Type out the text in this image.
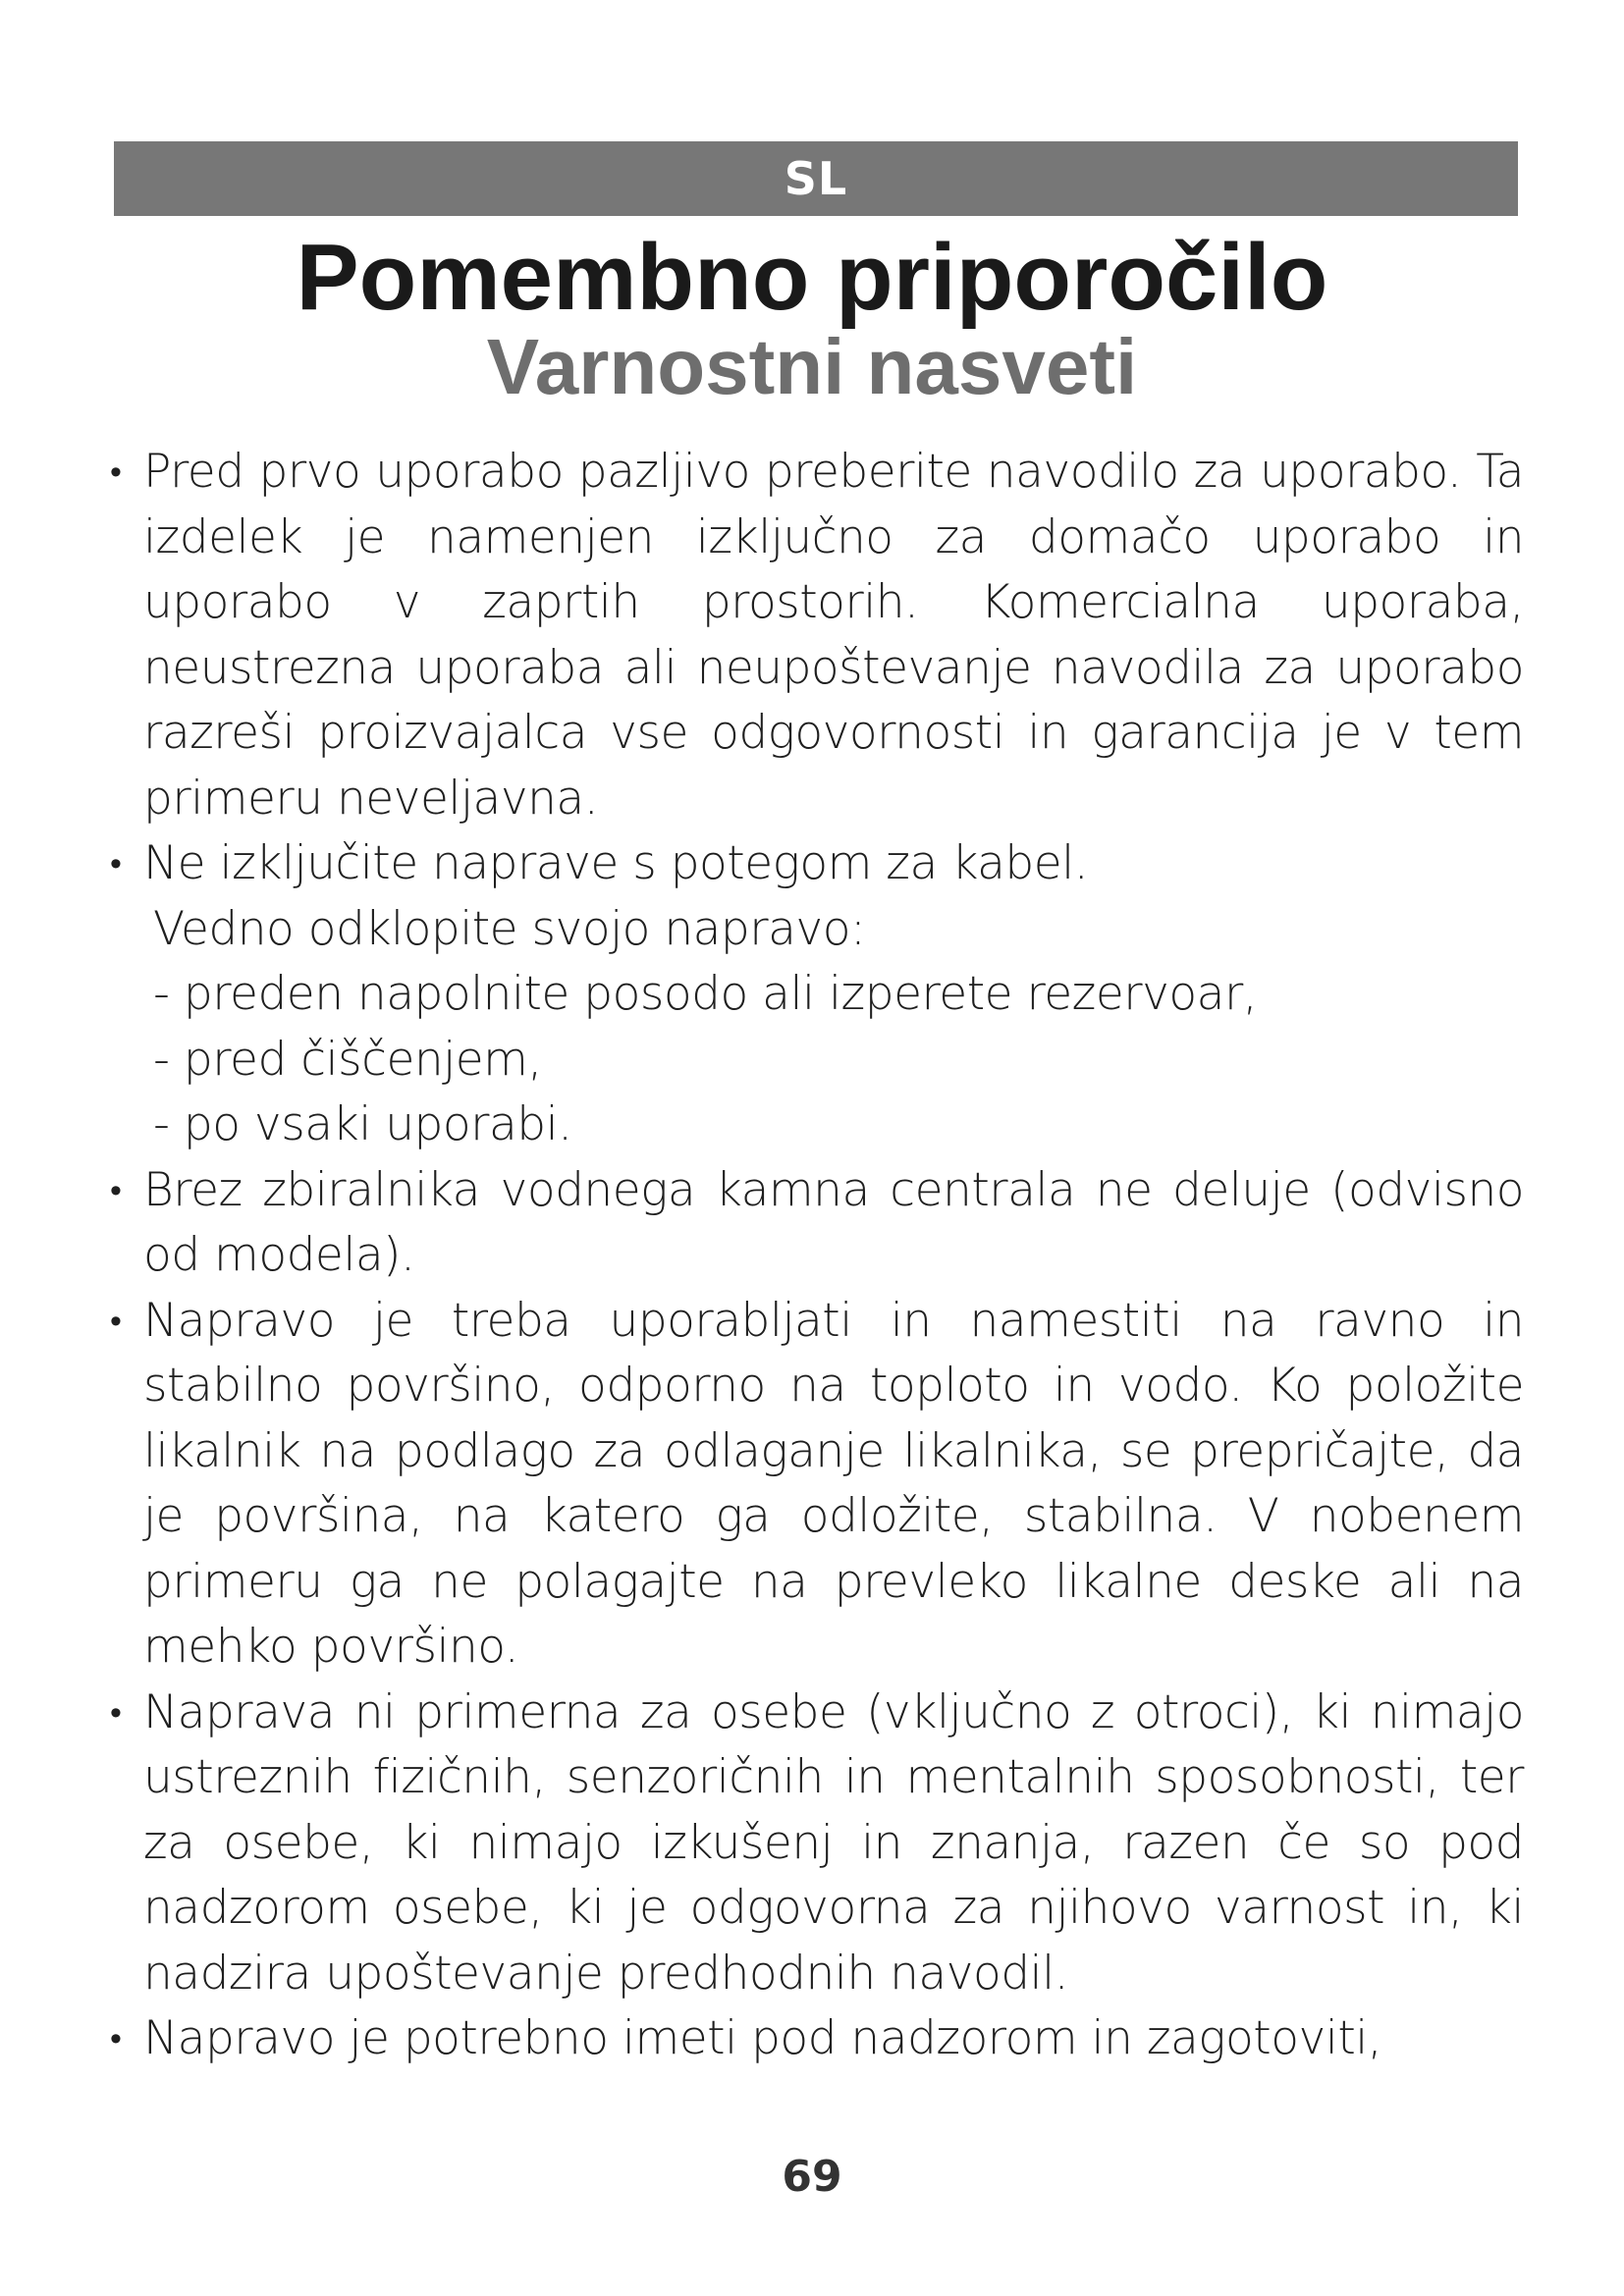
SL
Pomembno priporočilo
Varnostni nasveti
• Pred prvo uporabo pazljivo preberite navodilo za uporabo. Ta izdelek je namenjen izključno za domačo uporabo in uporabo v zaprtih prostorih. Komercialna uporaba, neustrezna uporaba ali neupoštevanje navodila za uporabo razreši proizvajalca vse odgovornosti in garancija je v tem primeru neveljavna.

• Ne izključite naprave s potegom za kabel.

Vedno odklopite svojo napravo:

- preden napolnite posodo ali izperete rezervoar,

- pred čiščenjem,

- po vsaki uporabi.

• Brez zbiralnika vodnega kamna centrala ne deluje (odvisno od modela).

• Napravo je treba uporabljati in namestiti na ravno in stabilno površino, odporno na toploto in vodo. Ko položite likalnik na podlago za odlaganje likalnika, se prepričajte, da je površina, na katero ga odložite, stabilna. V nobenem primeru ga ne polagajte na prevleko likalne deske ali na mehko površino.

• Naprava ni primerna za osebe (vključno z otroci), ki nimajo ustreznih fizičnih, senzoričnih in mentalnih sposobnosti, ter za osebe, ki nimajo izkušenj in znanja, razen če so pod nadzorom osebe, ki je odgovorna za njihovo varnost in, ki nadzira upoštevanje predhodnih navodil.

• Napravo je potrebno imeti pod nadzorom in zagotoviti,

69
